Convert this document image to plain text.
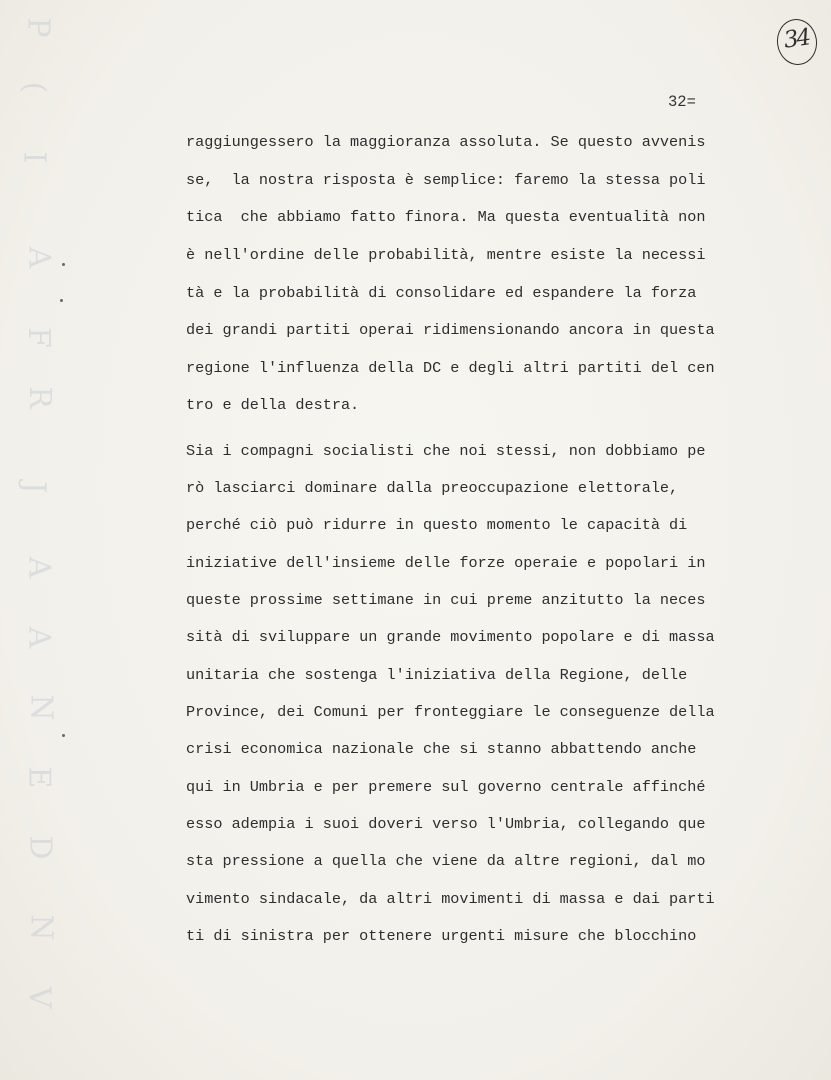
P
(
I
A
F
R
J
A
A
N
E
D
N
V
34
32=
raggiungessero la maggioranza assoluta. Se questo avvenis
se,  la nostra risposta è semplice: faremo la stessa poli
tica  che abbiamo fatto finora. Ma questa eventualità non
è nell'ordine delle probabilità, mentre esiste la necessi
tà e la probabilità di consolidare ed espandere la forza
dei grandi partiti operai ridimensionando ancora in questa
regione l'influenza della DC e degli altri partiti del cen
tro e della destra.
Sia i compagni socialisti che noi stessi, non dobbiamo pe
rò lasciarci dominare dalla preoccupazione elettorale,
perché ciò può ridurre in questo momento le capacità di
iniziative dell'insieme delle forze operaie e popolari in
queste prossime settimane in cui preme anzitutto la neces
sità di sviluppare un grande movimento popolare e di massa
unitaria che sostenga l'iniziativa della Regione, delle
Province, dei Comuni per fronteggiare le conseguenze della
crisi economica nazionale che si stanno abbattendo anche
qui in Umbria e per premere sul governo centrale affinché
esso adempia i suoi doveri verso l'Umbria, collegando que
sta pressione a quella che viene da altre regioni, dal mo
vimento sindacale, da altri movimenti di massa e dai parti
ti di sinistra per ottenere urgenti misure che blocchino
